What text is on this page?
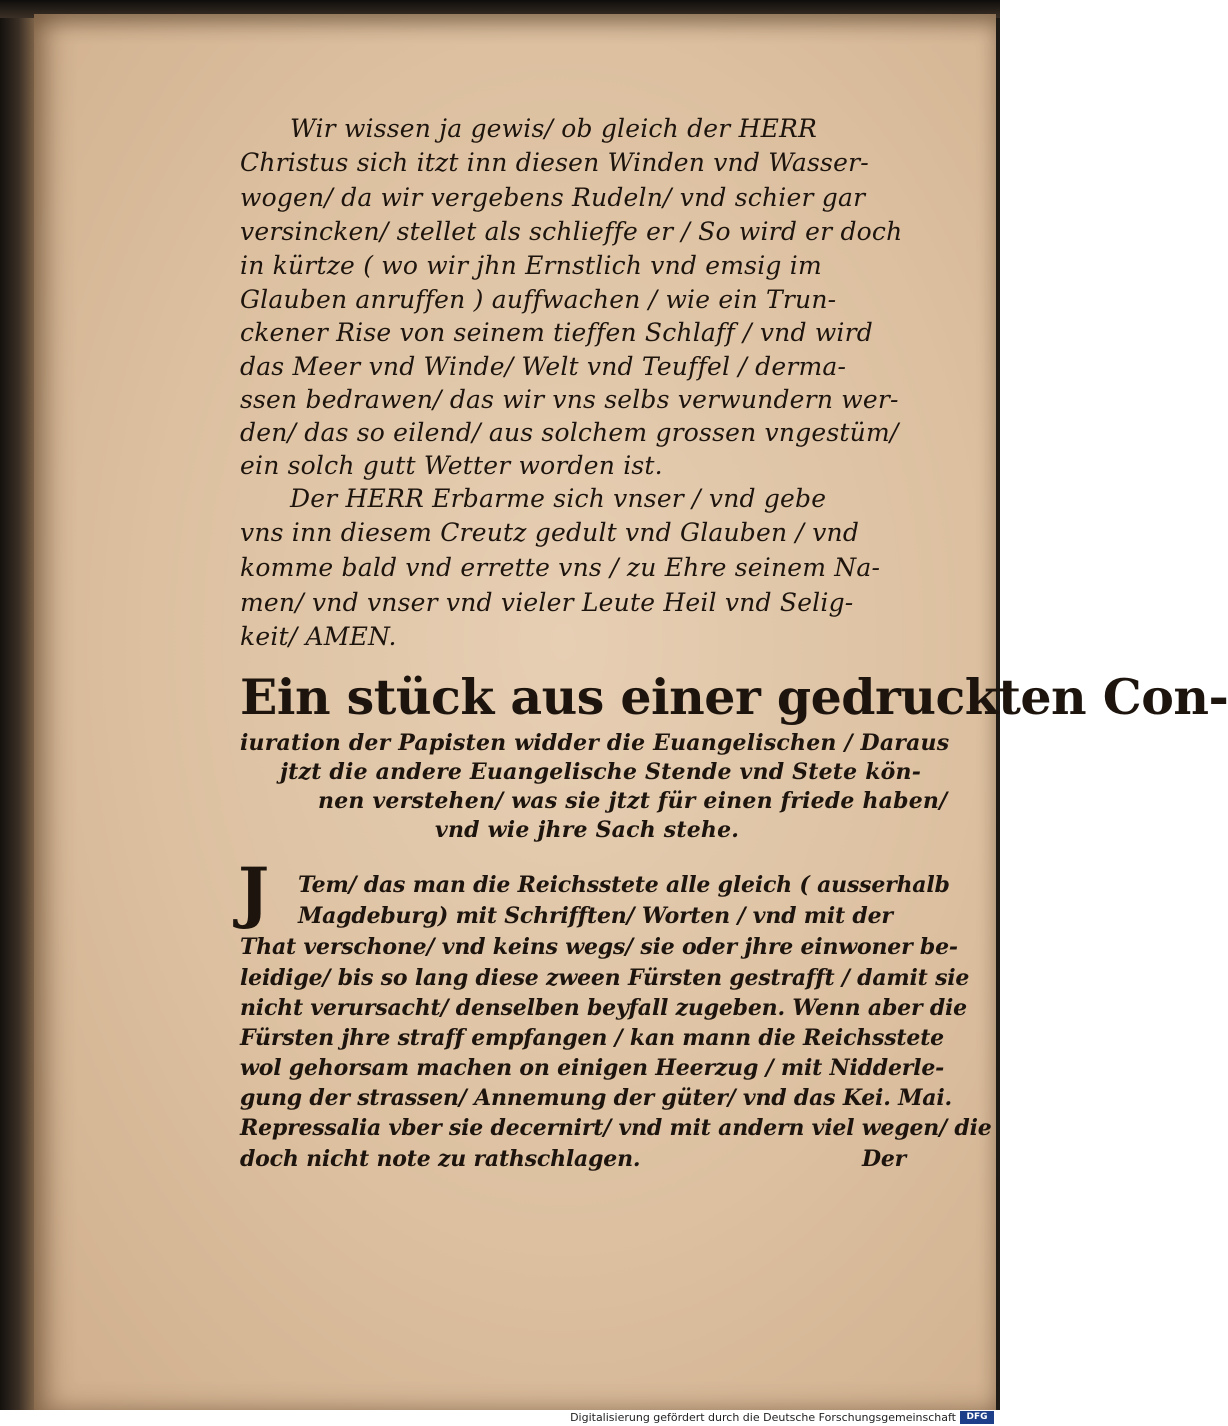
Wir wissen ja gewis/ ob gleich der HERR
Christus sich itzt inn diesen Winden vnd Wasser-
wogen/ da wir vergebens Rudeln/ vnd schier gar
versincken/ stellet als schlieffe er / So wird er doch
in kürtze ( wo wir jhn Ernstlich vnd emsig im
Glauben anruffen ) auffwachen / wie ein Trun-
ckener Rise von seinem tieffen Schlaff / vnd wird
das Meer vnd Winde/ Welt vnd Teuffel / derma-
ssen bedrawen/ das wir vns selbs verwundern wer-
den/ das so eilend/ aus solchem grossen vngestüm/
ein solch gutt Wetter worden ist.
Der HERR Erbarme sich vnser / vnd gebe
vns inn diesem Creutz gedult vnd Glauben / vnd
komme bald vnd errette vns / zu Ehre seinem Na-
men/ vnd vnser vnd vieler Leute Heil vnd Selig-
keit/ AMEN.
Ein stück aus einer gedruckten Con-
iuration der Papisten widder die Euangelischen / Daraus
jtzt die andere Euangelische Stende vnd Stete kön-
nen verstehen/ was sie jtzt für einen friede haben/
vnd wie jhre Sach stehe.
J	Tem/ das man die Reichsstete alle gleich ( ausserhalb
Magdeburg) mit Schrifften/ Worten / vnd mit der
That verschone/ vnd keins wegs/ sie oder jhre einwoner be-
leidige/ bis so lang diese zween Fürsten gestrafft / damit sie
nicht verursacht/ denselben beyfall zugeben. Wenn aber die
Fürsten jhre straff empfangen / kan mann die Reichsstete
wol gehorsam machen on einigen Heerzug / mit Nidderle-
gung der strassen/ Annemung der güter/ vnd das Kei. Mai.
Repressalia vber sie decernirt/ vnd mit andern viel wegen/ die
doch nicht note zu rathschlagen.	Der
Digitalisierung gefördert durch die Deutsche Forschungsgemeinschaft	DFG
